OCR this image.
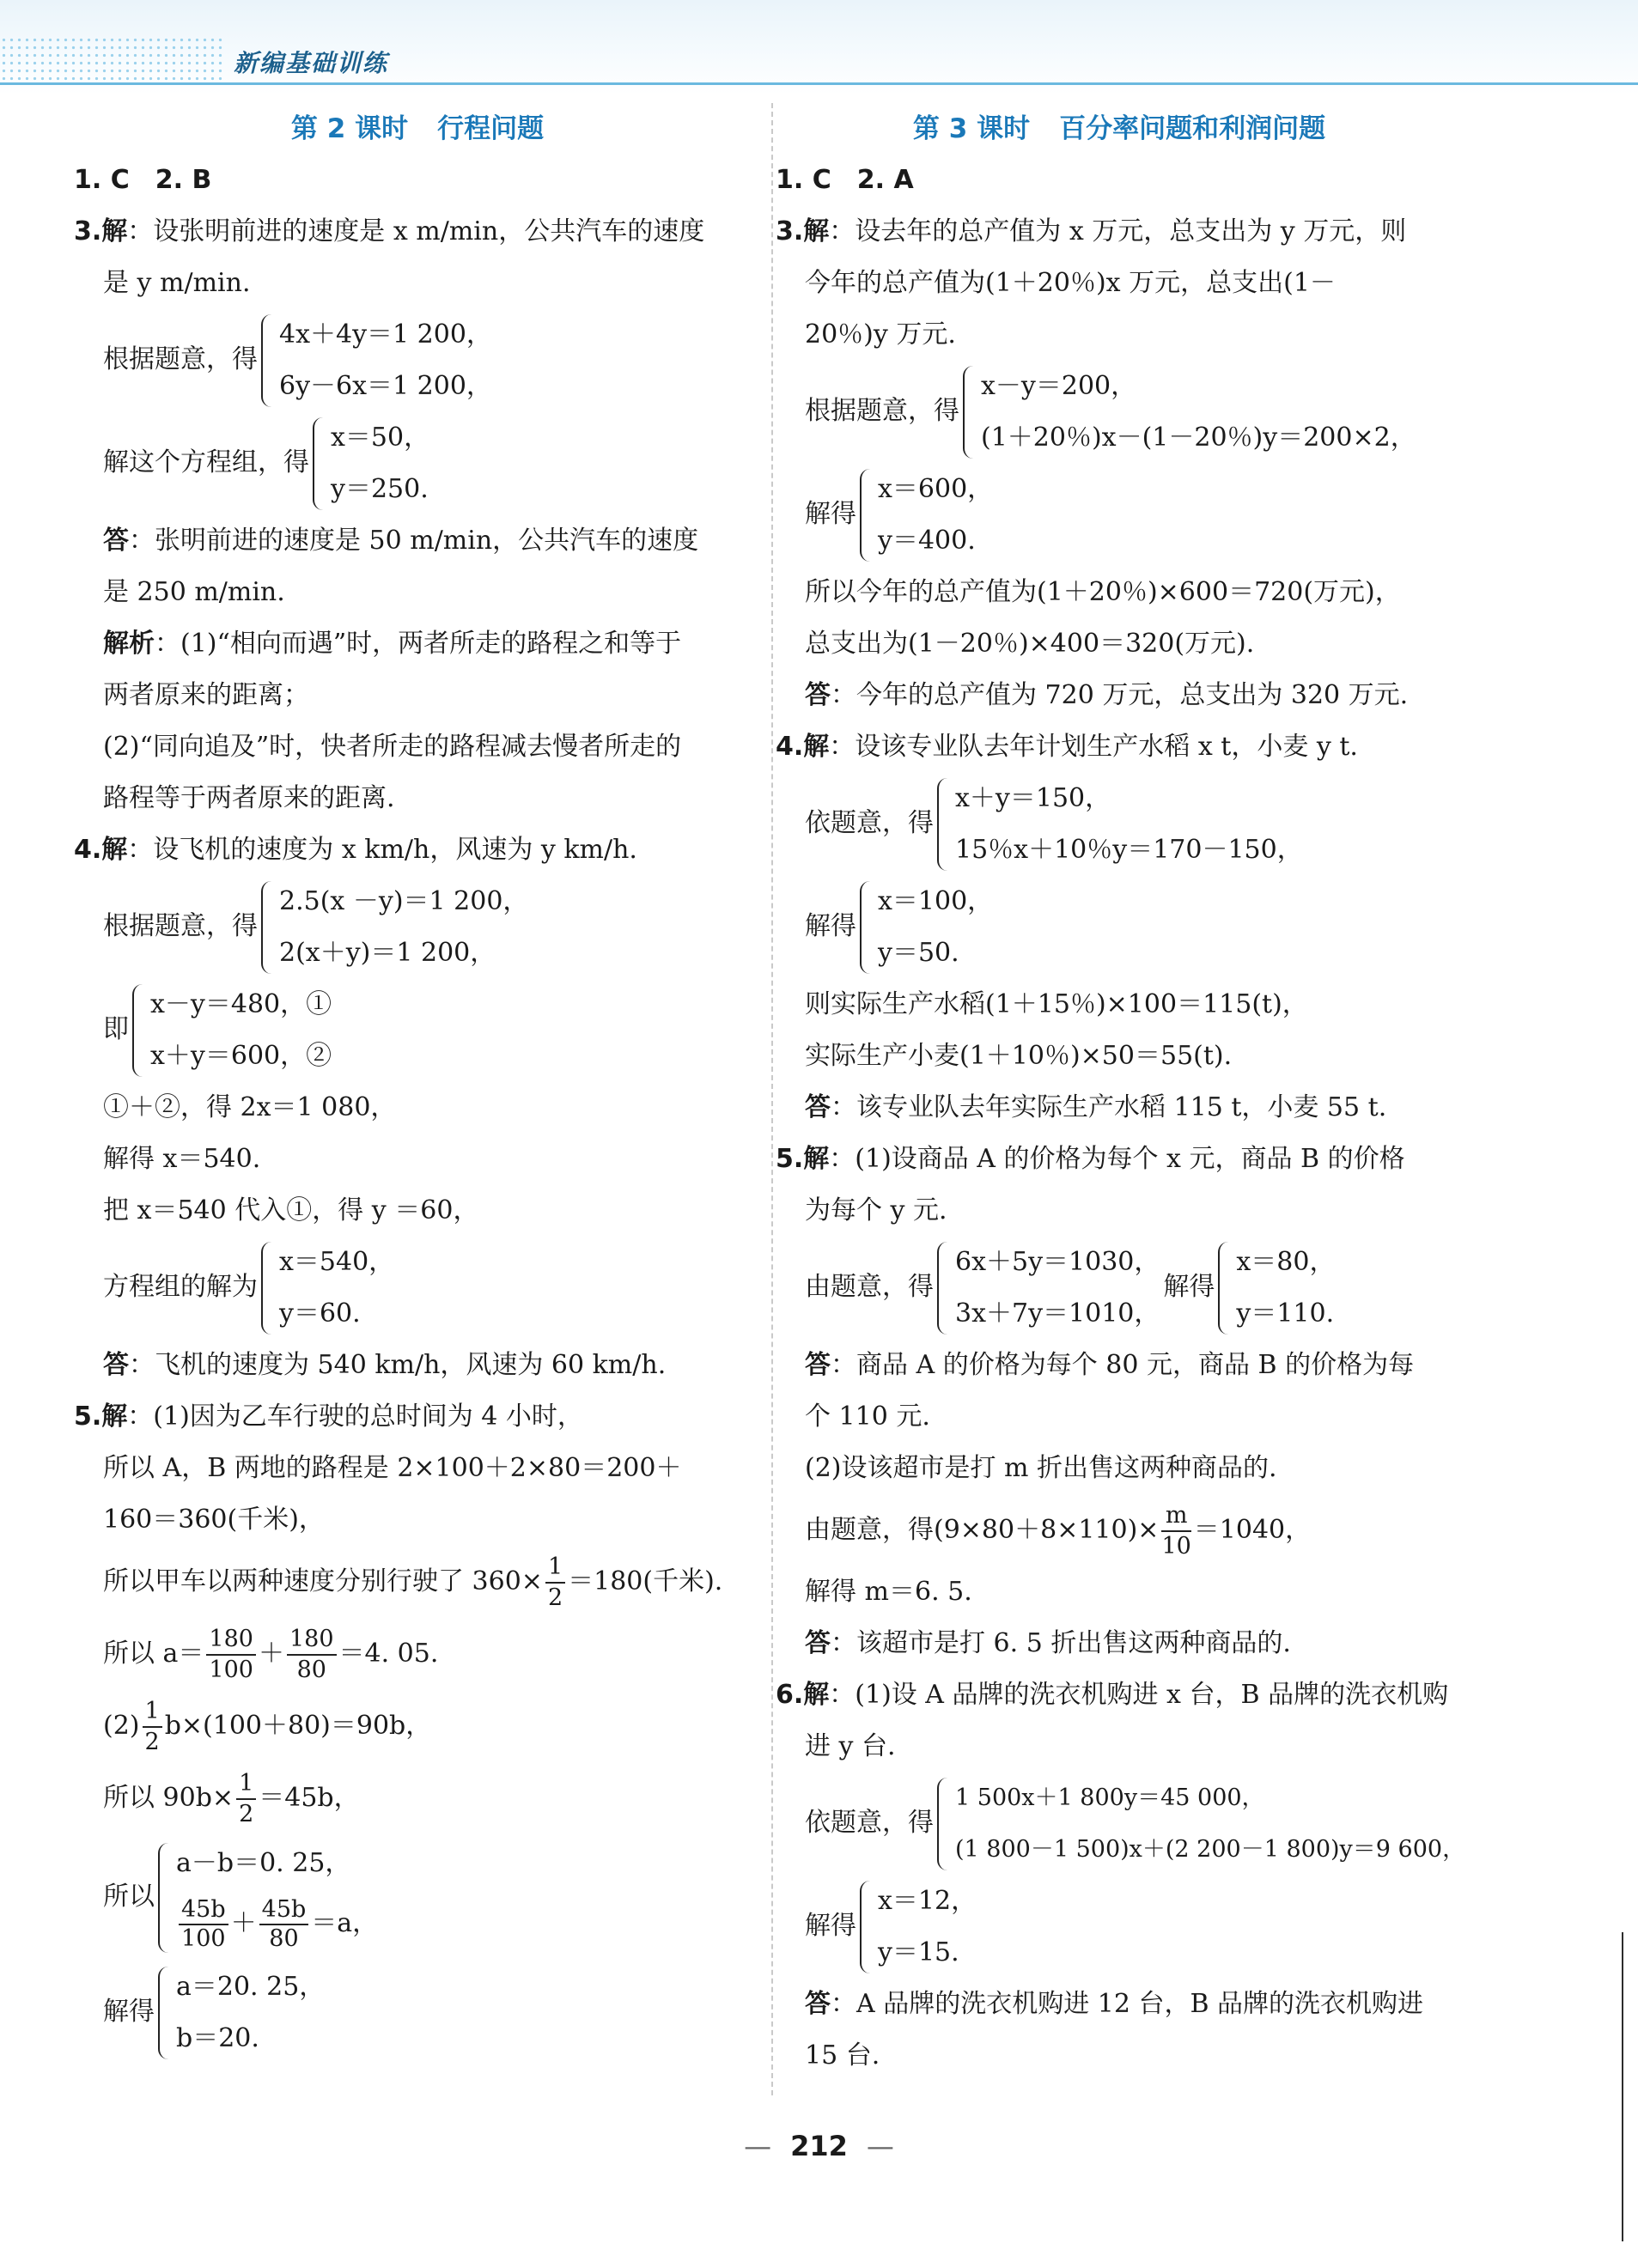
新编基础训练
第 2 课时 行程问题
1. C　2. B
3.解：设张明前进的速度是 x m/min，公共汽车的速度
是 y m/min.
根据题意，得
4x＋4y＝1 200，
6y－6x＝1 200，
解这个方程组，得
x＝50，
y＝250.
答：张明前进的速度是 50 m/min，公共汽车的速度
是 250 m/min.
解析：(1)“相向而遇”时，两者所走的路程之和等于
两者原来的距离；
(2)“同向追及”时，快者所走的路程减去慢者所走的
路程等于两者原来的距离.
4.解：设飞机的速度为 x km/h，风速为 y km/h.
根据题意，得
2.5(x －y)＝1 200，
2(x＋y)＝1 200，
即
x－y＝480，①
x＋y＝600，②
①＋②，得 2x＝1 080，
解得 x＝540.
把 x＝540 代入①，得 y ＝60，
方程组的解为
x＝540，
y＝60.
答：飞机的速度为 540 km/h，风速为 60 km/h.
5.解：(1)因为乙车行驶的总时间为 4 小时，
所以 A，B 两地的路程是 2×100＋2×80＝200＋
160＝360(千米)，
所以甲车以两种速度分别行驶了 $360\times \frac{1}{2} =180$(千米).
所以 $a= \frac{180}{100} + \frac{180}{80} =4$. 05.
$(2) \frac{1}{2} b\times(100+80)=90b$，
所以 $90b\times \frac{1}{2} =45b$，
所以
a－b＝0. 25，
$\frac{45b}{100} + \frac{45b}{80} =a$，
解得
a＝20. 25，
b＝20.
第 3 课时 百分率问题和利润问题
1. C　2. A
3.解：设去年的总产值为 x 万元，总支出为 y 万元，则
今年的总产值为(1＋20％)x 万元，总支出(1－
20％)y 万元.
根据题意，得
x－y＝200，
(1＋20％)x－(1－20％)y＝200×2，
解得
x＝600，
y＝400.
所以今年的总产值为(1＋20％)×600＝720(万元)，
总支出为(1－20％)×400＝320(万元).
答：今年的总产值为 720 万元，总支出为 320 万元.
4.解：设该专业队去年计划生产水稻 x t，小麦 y t.
依题意，得
x＋y＝150，
15％x＋10％y＝170－150，
解得
x＝100，
y＝50.
则实际生产水稻(1＋15％)×100＝115(t)，
实际生产小麦(1＋10％)×50＝55(t).
答：该专业队去年实际生产水稻 115 t，小麦 55 t.
5.解：(1)设商品 A 的价格为每个 x 元，商品 B 的价格
为每个 y 元.
由题意，得
6x＋5y＝1030，
3x＋7y＝1010，
解得
x＝80，
y＝110.
答：商品 A 的价格为每个 80 元，商品 B 的价格为每
个 110 元.
(2)设该超市是打 m 折出售这两种商品的.
由题意，得$(9\times 80+8\times 110)\times \frac{m}{10} =1040$，
解得 m＝6. 5.
答：该超市是打 6. 5 折出售这两种商品的.
6.解：(1)设 A 品牌的洗衣机购进 x 台，B 品牌的洗衣机购
进 y 台.
依题意，得
1 500x＋1 800y＝45 000，
(1 800－1 500)x＋(2 200－1 800)y＝9 600，
解得
x＝12，
y＝15.
答：A 品牌的洗衣机购进 12 台，B 品牌的洗衣机购进
15 台.
— 212 —
